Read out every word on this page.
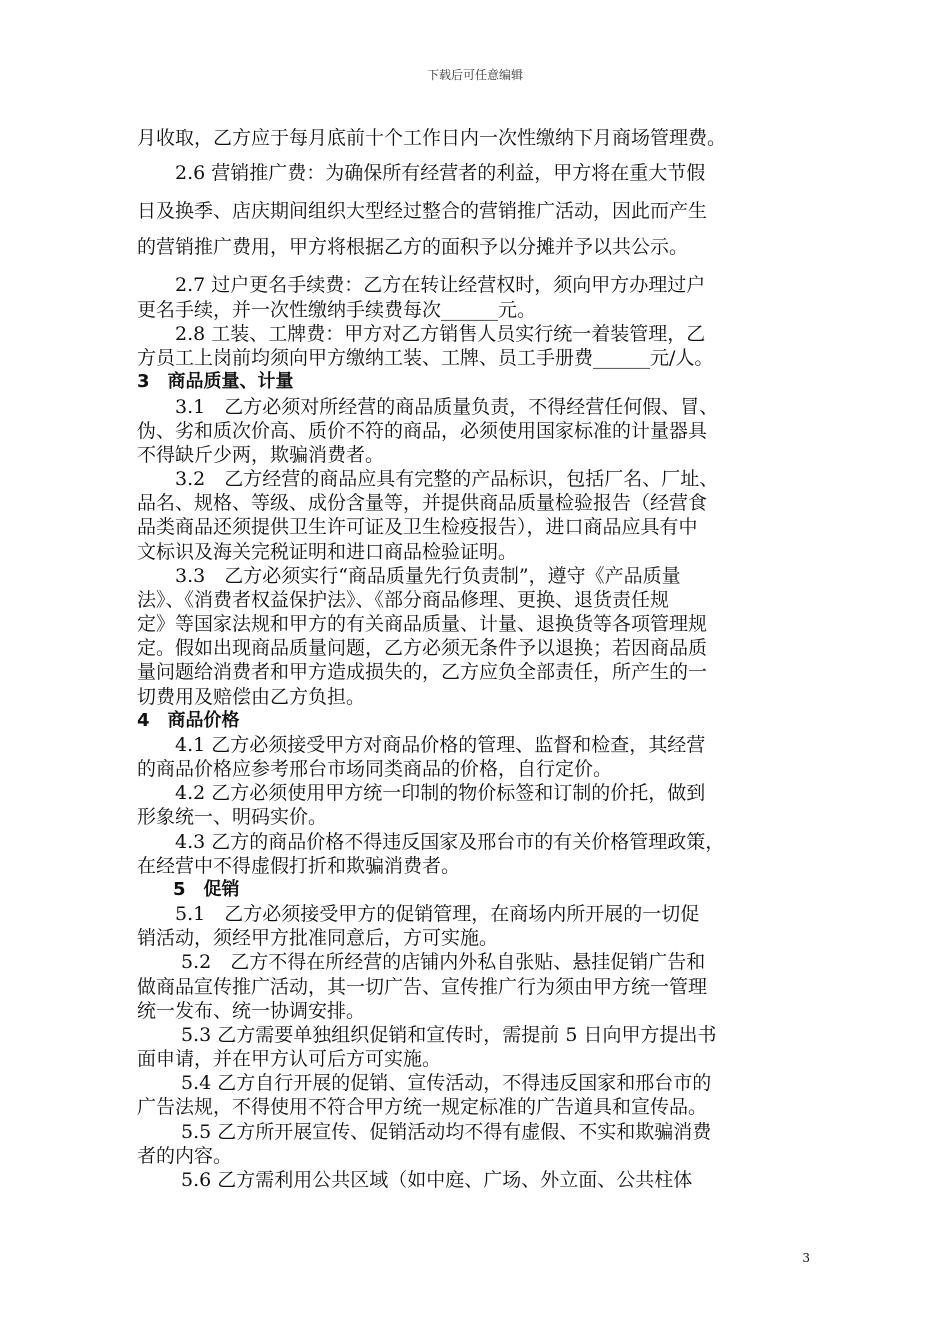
下载后可任意编辑
月收取，乙方应于每月底前十个工作日内一次性缴纳下月商场管理费。
　　2.6 营销推广费：为确保所有经营者的利益，甲方将在重大节假
日及换季、店庆期间组织大型经过整合的营销推广活动，因此而产生
的营销推广费用，甲方将根据乙方的面积予以分摊并予以共公示。
　　2.7 过户更名手续费：乙方在转让经营权时，须向甲方办理过户
更名手续，并一次性缴纳手续费每次______元。
　　2.8 工装、工牌费：甲方对乙方销售人员实行统一着装管理，乙
方员工上岗前均须向甲方缴纳工装、工牌、员工手册费______元/人。
3　商品质量、计量
　　3.1　乙方必须对所经营的商品质量负责，不得经营任何假、冒、
伪、劣和质次价高、质价不符的商品，必须使用国家标准的计量器具
不得缺斤少两，欺骗消费者。
　　3.2　乙方经营的商品应具有完整的产品标识，包括厂名、厂址、
品名、规格、等级、成份含量等，并提供商品质量检验报告（经营食
品类商品还须提供卫生许可证及卫生检疫报告），进口商品应具有中
文标识及海关完税证明和进口商品检验证明。
　　3.3　乙方必须实行“商品质量先行负责制”，遵守《产品质量
法》、《消费者权益保护法》、《部分商品修理、更换、退货责任规
定》等国家法规和甲方的有关商品质量、计量、退换货等各项管理规
定。假如出现商品质量问题，乙方必须无条件予以退换；若因商品质
量问题给消费者和甲方造成损失的，乙方应负全部责任，所产生的一
切费用及赔偿由乙方负担。
4　商品价格
　　4.1 乙方必须接受甲方对商品价格的管理、监督和检查，其经营
的商品价格应参考邢台市场同类商品的价格，自行定价。
　　4.2 乙方必须使用甲方统一印制的物价标签和订制的价托，做到
形象统一、明码实价。
　　4.3 乙方的商品价格不得违反国家及邢台市的有关价格管理政策，
在经营中不得虚假打折和欺骗消费者。
　　5　促销
　　5.1　乙方必须接受甲方的促销管理，在商场内所开展的一切促
销活动，须经甲方批准同意后，方可实施。
　　 5.2　乙方不得在所经营的店铺内外私自张贴、悬挂促销广告和
做商品宣传推广活动，其一切广告、宣传推广行为须由甲方统一管理
统一发布、统一协调安排。
　　 5.3 乙方需要单独组织促销和宣传时，需提前 5 日向甲方提出书
面申请，并在甲方认可后方可实施。
　　 5.4 乙方自行开展的促销、宣传活动，不得违反国家和邢台市的
广告法规，不得使用不符合甲方统一规定标准的广告道具和宣传品。
　　 5.5 乙方所开展宣传、促销活动均不得有虚假、不实和欺骗消费
者的内容。
　　 5.6 乙方需利用公共区域（如中庭、广场、外立面、公共柱体
3
